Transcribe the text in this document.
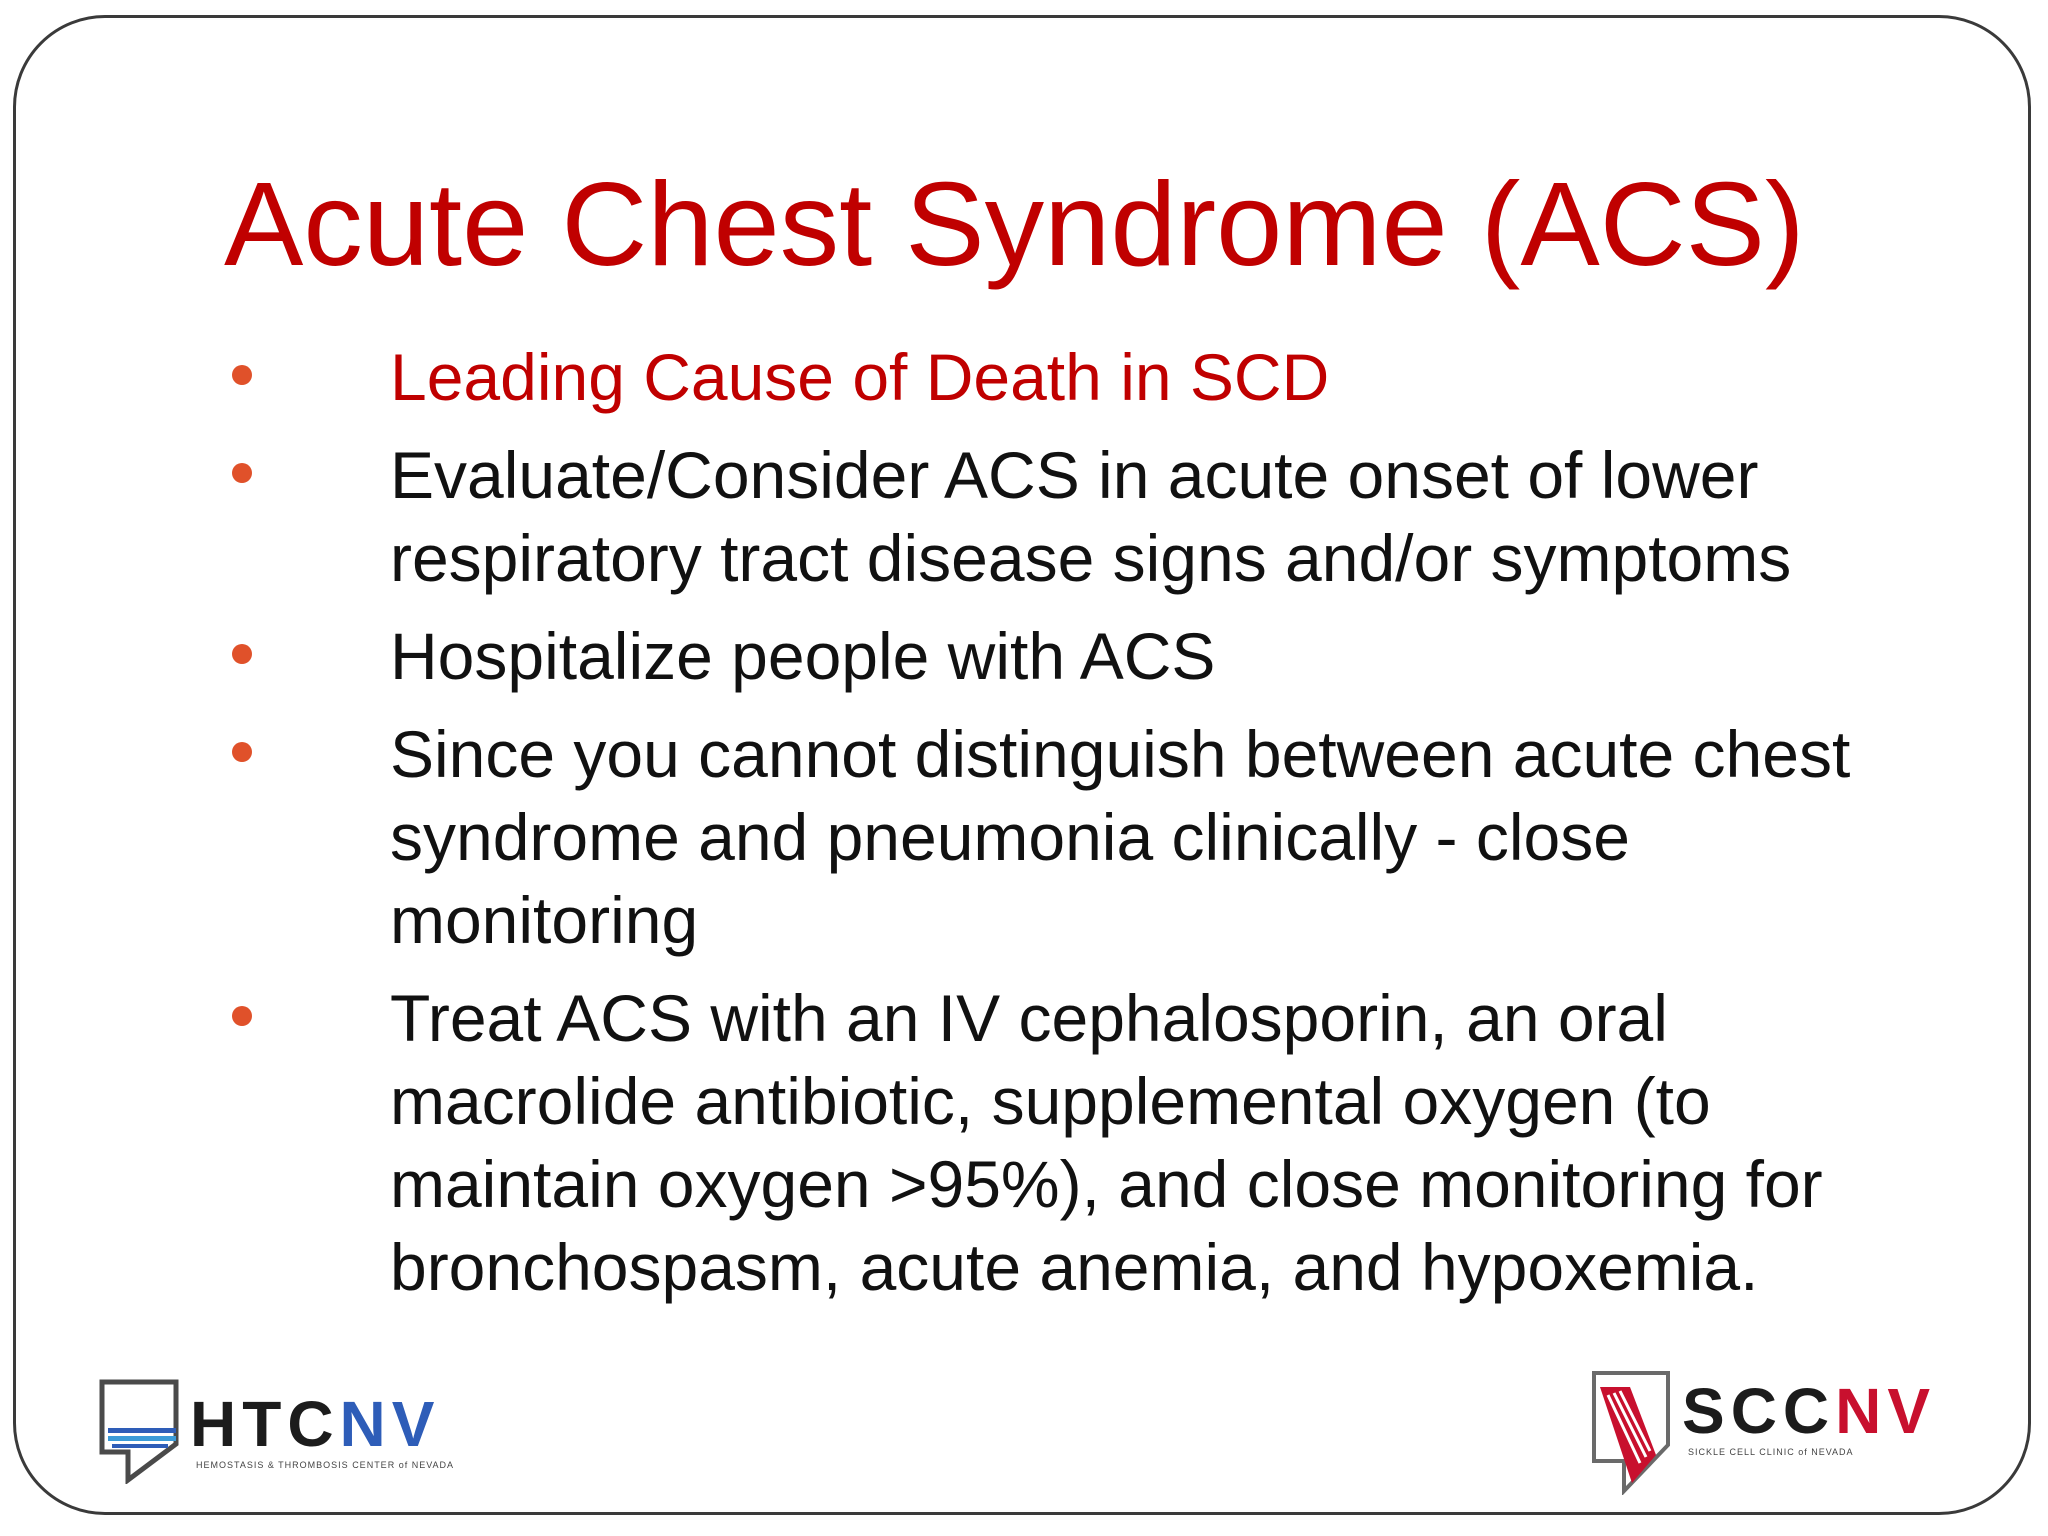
Acute Chest Syndrome (ACS)
Leading Cause of Death in SCD
Evaluate/Consider ACS in acute onset of lower respiratory tract disease signs and/or symptoms
Hospitalize people with ACS
Since you cannot distinguish between acute chest syndrome and pneumonia clinically - close monitoring
Treat ACS with an IV cephalosporin, an oral macrolide antibiotic, supplemental oxygen (to maintain oxygen >95%), and close monitoring for bronchospasm, acute anemia, and hypoxemia.
HTCNV
HEMOSTASIS & THROMBOSIS CENTER of NEVADA
SCCNV
SICKLE CELL CLINIC of NEVADA
